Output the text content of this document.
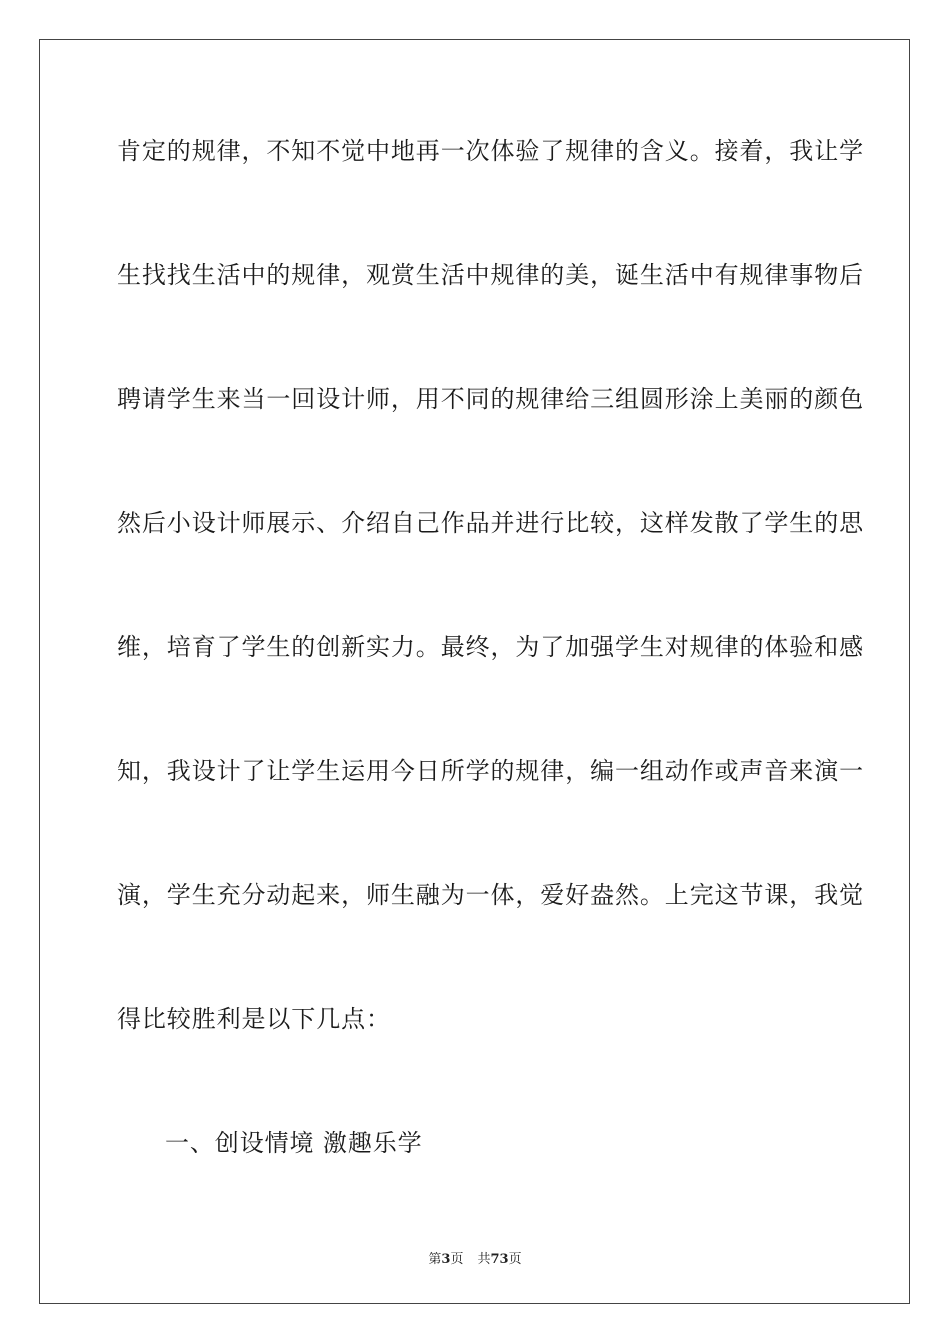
肯定的规律，不知不觉中地再一次体验了规律的含义。接着，我让学
生找找生活中的规律，观赏生活中规律的美，诞生活中有规律事物后
聘请学生来当一回设计师，用不同的规律给三组圆形涂上美丽的颜色
然后小设计师展示、介绍自己作品并进行比较，这样发散了学生的思
维，培育了学生的创新实力。最终，为了加强学生对规律的体验和感
知，我设计了让学生运用今日所学的规律，编一组动作或声音来演一
演，学生充分动起来，师生融为一体，爱好盎然。上完这节课，我觉
得比较胜利是以下几点：
一、创设情境 激趣乐学
第3页 共73页
